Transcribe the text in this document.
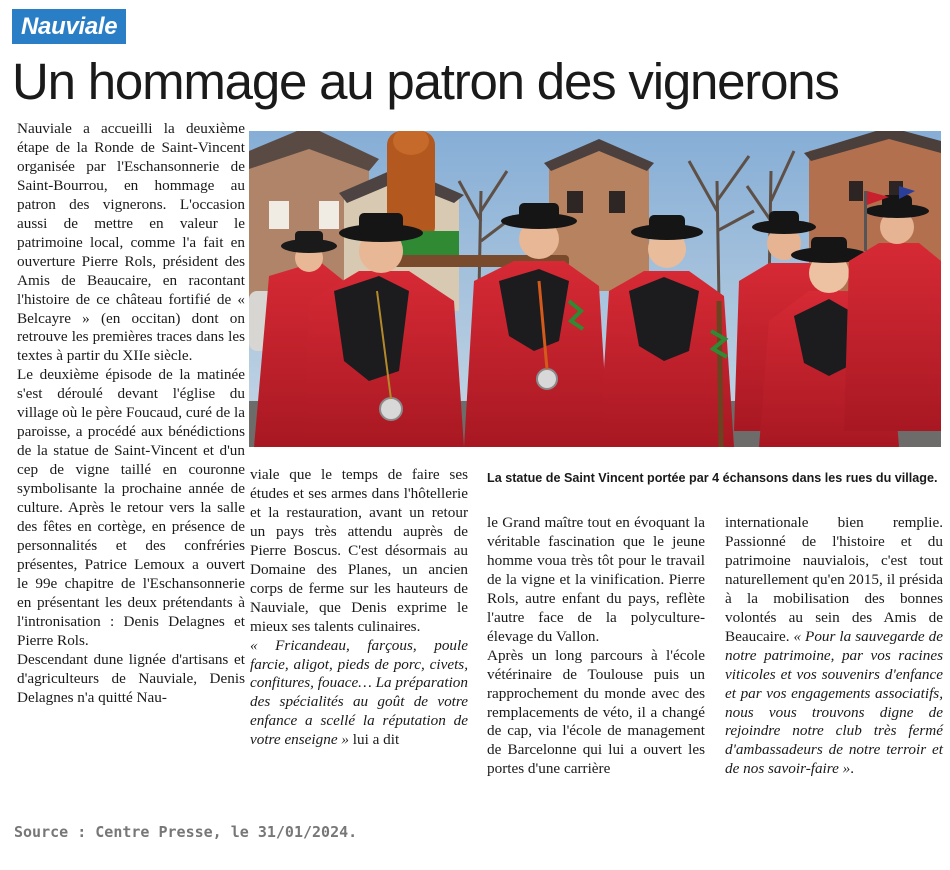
Nauviale
Un hommage au patron des vignerons

Nauviale a accueilli la deuxième étape de la Ronde de Saint-Vincent organisée par l'Eschansonnerie de Saint-Bourrou, en hommage au patron des vignerons. L'occasion aussi de mettre en valeur le patrimoine local, comme l'a fait en ouverture Pierre Rols, président des Amis de Beaucaire, en racontant l'histoire de ce château fortifié de « Belcayre » (en occitan) dont on retrouve les premières traces dans les textes à partir du XIIe siècle.

Le deuxième épisode de la matinée s'est déroulé devant l'église du village où le père Foucaud, curé de la paroisse, a procédé aux bénédictions de la statue de Saint-Vincent et d'un cep de vigne taillé en couronne symbolisante la prochaine année de culture. Après le retour vers la salle des fêtes en cortège, en présence de personnalités et des confréries présentes, Patrice Lemoux a ouvert le 99e chapitre de l'Eschansonnerie en présentant les deux prétendants à l'intronisation : Denis Delagnes et Pierre Rols.

Descendant dune lignée d'artisans et d'agriculteurs de Nauviale, Denis Delagnes n'a quitté Nau-

La statue de Saint Vincent portée par 4 échansons dans les rues du village.

viale que le temps de faire ses études et ses armes dans l'hôtellerie et la restauration, avant un retour un pays très attendu auprès de Pierre Boscus. C'est désormais au Domaine des Planes, un ancien corps de ferme sur les hauteurs de Nauviale, que Denis exprime le mieux ses talents culinaires.

« Fricandeau, farçous, poule farcie, aligot, pieds de porc, civets, confitures, fouace… La préparation des spécialités au goût de votre enfance a scellé la réputation de votre enseigne » lui a dit

le Grand maître tout en évoquant la véritable fascination que le jeune homme voua très tôt pour le travail de la vigne et la vinification. Pierre Rols, autre enfant du pays, reflète l'autre face de la polyculture-élevage du Vallon.

Après un long parcours à l'école vétérinaire de Toulouse puis un rapprochement du monde avec des remplacements de véto, il a changé de cap, via l'école de management de Barcelonne qui lui a ouvert les portes d'une carrière

internationale bien remplie. Passionné de l'histoire et du patrimoine nauvialois, c'est tout naturellement qu'en 2015, il présida à la mobilisation des bonnes volontés au sein des Amis de Beaucaire. « Pour la sauvegarde de notre patrimoine, par vos racines viticoles et vos souvenirs d'enfance et par vos engagements associatifs, nous vous trouvons digne de rejoindre notre club très fermé d'ambassadeurs de notre terroir et de nos savoir-faire ».

Source : Centre Presse, le 31/01/2024.
